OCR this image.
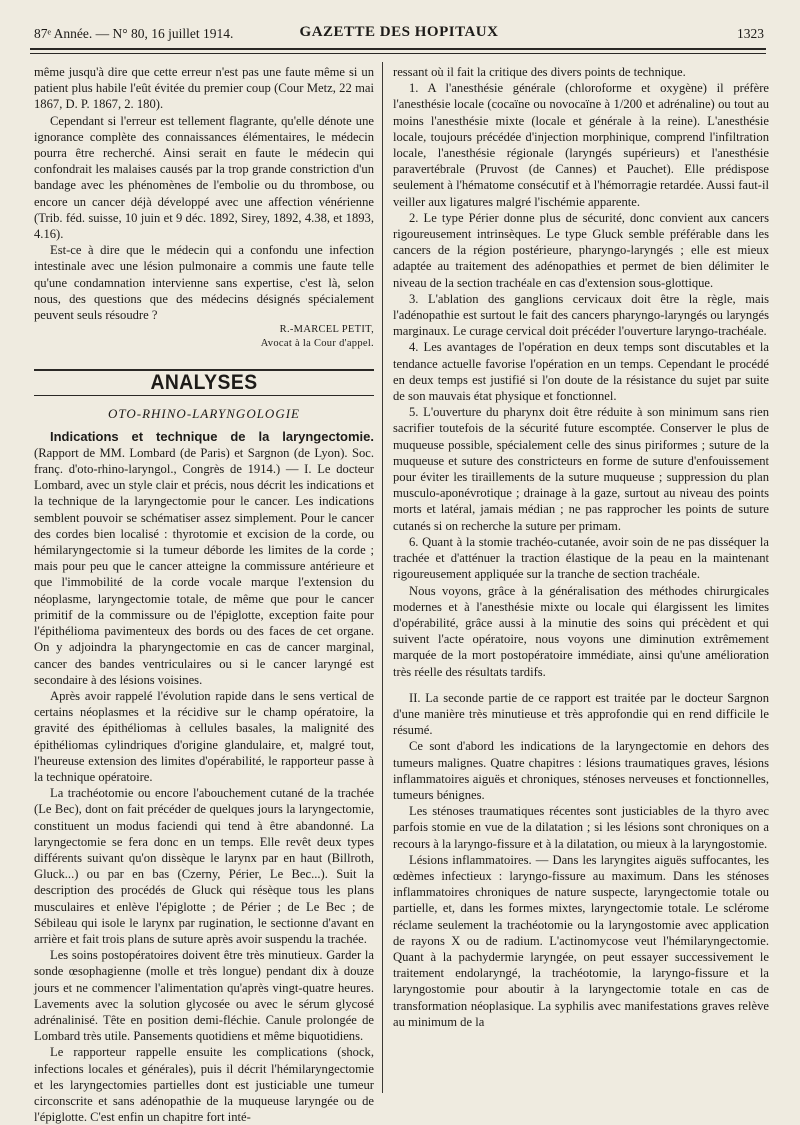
87ᵉ Année. — N° 80, 16 juillet 1914.	GAZETTE DES HOPITAUX	1323

même jusqu'à dire que cette erreur n'est pas une faute même si un patient plus habile l'eût évitée du premier coup (Cour Metz, 22 mai 1867, D. P. 1867, 2. 180).

Cependant si l'erreur est tellement flagrante, qu'elle dénote une ignorance complète des connaissances élémentaires, le médecin pourra être recherché. Ainsi serait en faute le médecin qui confondrait les malaises causés par la trop grande constriction d'un bandage avec les phénomènes de l'embolie ou du thrombose, ou encore un cancer déjà développé avec une affection vénérienne (Trib. féd. suisse, 10 juin et 9 déc. 1892, Sirey, 1892, 4.38, et 1893, 4.16).

Est-ce à dire que le médecin qui a confondu une infection intestinale avec une lésion pulmonaire a commis une faute telle qu'une condamnation intervienne sans expertise, c'est là, selon nous, des questions que des médecins désignés spécialement peuvent seuls résoudre ?

R.-MARCEL PETIT,
Avocat à la Cour d'appel.
ANALYSES
OTO-RHINO-LARYNGOLOGIE

Indications et technique de la laryngectomie. (Rapport de MM. Lombard (de Paris) et Sargnon (de Lyon). Soc. franç. d'oto-rhino-laryngol., Congrès de 1914.) — I. Le docteur Lombard, avec un style clair et précis, nous décrit les indications et la technique de la laryngectomie pour le cancer. Les indications semblent pouvoir se schématiser assez simplement. Pour le cancer des cordes bien localisé : thyrotomie et excision de la corde, ou hémilaryngectomie si la tumeur déborde les limites de la corde ; mais pour peu que le cancer atteigne la commissure antérieure et que l'immobilité de la corde vocale marque l'extension du néoplasme, laryngectomie totale, de même que pour le cancer primitif de la commissure ou de l'épiglotte, exception faite pour l'épithélioma pavimenteux des bords ou des faces de cet organe. On y adjoindra la pharyngectomie en cas de cancer marginal, cancer des bandes ventriculaires ou si le cancer laryngé est secondaire à des lésions voisines.

Après avoir rappelé l'évolution rapide dans le sens vertical de certains néoplasmes et la récidive sur le champ opératoire, la gravité des épithéliomas à cellules basales, la malignité des épithéliomas cylindriques d'origine glandulaire, et, malgré tout, l'heureuse extension des limites d'opérabilité, le rapporteur passe à la technique opératoire.

La trachéotomie ou encore l'abouchement cutané de la trachée (Le Bec), dont on fait précéder de quelques jours la laryngectomie, constituent un modus faciendi qui tend à être abandonné. La laryngectomie se fera donc en un temps. Elle revêt deux types différents suivant qu'on dissèque le larynx par en haut (Billroth, Gluck...) ou par en bas (Czerny, Périer, Le Bec...). Suit la description des procédés de Gluck qui résèque tous les plans musculaires et enlève l'épiglotte ; de Périer ; de Le Bec ; de Sébileau qui isole le larynx par rugination, le sectionne d'avant en arrière et fait trois plans de suture après avoir suspendu la trachée.

Les soins postopératoires doivent être très minutieux. Garder la sonde œsophagienne (molle et très longue) pendant dix à douze jours et ne commencer l'alimentation qu'après vingt-quatre heures. Lavements avec la solution glycosée ou avec le sérum glycosé adrénalinisé. Tête en position demi-fléchie. Canule prolongée de Lombard très utile. Pansements quotidiens et même biquotidiens.

Le rapporteur rappelle ensuite les complications (shock, infections locales et générales), puis il décrit l'hémilaryngectomie et les laryngectomies partielles dont est justiciable une tumeur circonscrite et sans adénopathie de la muqueuse laryngée ou de l'épiglotte. C'est enfin un chapitre fort inté-

ressant où il fait la critique des divers points de technique.

1. A l'anesthésie générale (chloroforme et oxygène) il préfère l'anesthésie locale (cocaïne ou novocaïne à 1/200 et adrénaline) ou tout au moins l'anesthésie mixte (locale et générale à la reine). L'anesthésie locale, toujours précédée d'injection morphinique, comprend l'infiltration locale, l'anesthésie régionale (laryngés supérieurs) et l'anesthésie paravertébrale (Pruvost (de Cannes) et Pauchet). Elle prédispose seulement à l'hématome consécutif et à l'hémorragie retardée. Aussi faut-il veiller aux ligatures malgré l'ischémie apparente.

2. Le type Périer donne plus de sécurité, donc convient aux cancers rigoureusement intrinsèques. Le type Gluck semble préférable dans les cancers de la région postérieure, pharyngo-laryngés ; elle est mieux adaptée au traitement des adénopathies et permet de bien délimiter le niveau de la section trachéale en cas d'extension sous-glottique.

3. L'ablation des ganglions cervicaux doit être la règle, mais l'adénopathie est surtout le fait des cancers pharyngo-laryngés ou laryngés marginaux. Le curage cervical doit précéder l'ouverture laryngo-trachéale.

4. Les avantages de l'opération en deux temps sont discutables et la tendance actuelle favorise l'opération en un temps. Cependant le procédé en deux temps est justifié si l'on doute de la résistance du sujet par suite de son mauvais état physique et fonctionnel.

5. L'ouverture du pharynx doit être réduite à son minimum sans rien sacrifier toutefois de la sécurité future escomptée. Conserver le plus de muqueuse possible, spécialement celle des sinus piriformes ; suture de la muqueuse et suture des constricteurs en forme de suture d'enfouissement pour éviter les tiraillements de la suture muqueuse ; suppression du plan musculo-aponévrotique ; drainage à la gaze, surtout au niveau des points morts et latéral, jamais médian ; ne pas rapprocher les points de suture cutanés si on recherche la suture per primam.

6. Quant à la stomie trachéo-cutanée, avoir soin de ne pas disséquer la trachée et d'atténuer la traction élastique de la peau en la maintenant rigoureusement appliquée sur la tranche de section trachéale.

Nous voyons, grâce à la généralisation des méthodes chirurgicales modernes et à l'anesthésie mixte ou locale qui élargissent les limites d'opérabilité, grâce aussi à la minutie des soins qui précèdent et qui suivent l'acte opératoire, nous voyons une diminution extrêmement marquée de la mort postopératoire immédiate, ainsi qu'une amélioration très réelle des résultats tardifs.

II. La seconde partie de ce rapport est traitée par le docteur Sargnon d'une manière très minutieuse et très approfondie qui en rend difficile le résumé.

Ce sont d'abord les indications de la laryngectomie en dehors des tumeurs malignes. Quatre chapitres : lésions traumatiques graves, lésions inflammatoires aiguës et chroniques, sténoses nerveuses et fonctionnelles, tumeurs bénignes.

Les sténoses traumatiques récentes sont justiciables de la thyro avec parfois stomie en vue de la dilatation ; si les lésions sont chroniques on a recours à la laryngo-fissure et à la dilatation, ou mieux à la laryngostomie.

Lésions inflammatoires. — Dans les laryngites aiguës suffocantes, les œdèmes infectieux : laryngo-fissure au maximum. Dans les sténoses inflammatoires chroniques de nature suspecte, laryngectomie totale ou partielle, et, dans les formes mixtes, laryngectomie totale. Le sclérome réclame seulement la trachéotomie ou la laryngostomie avec application de rayons X ou de radium. L'actinomycose veut l'hémilaryngectomie. Quant à la pachydermie laryngée, on peut essayer successivement le traitement endolaryngé, la trachéotomie, la laryngo-fissure et la laryngostomie pour aboutir à la laryngectomie totale en cas de transformation néoplasique. La syphilis avec manifestations graves relève au minimum de la
